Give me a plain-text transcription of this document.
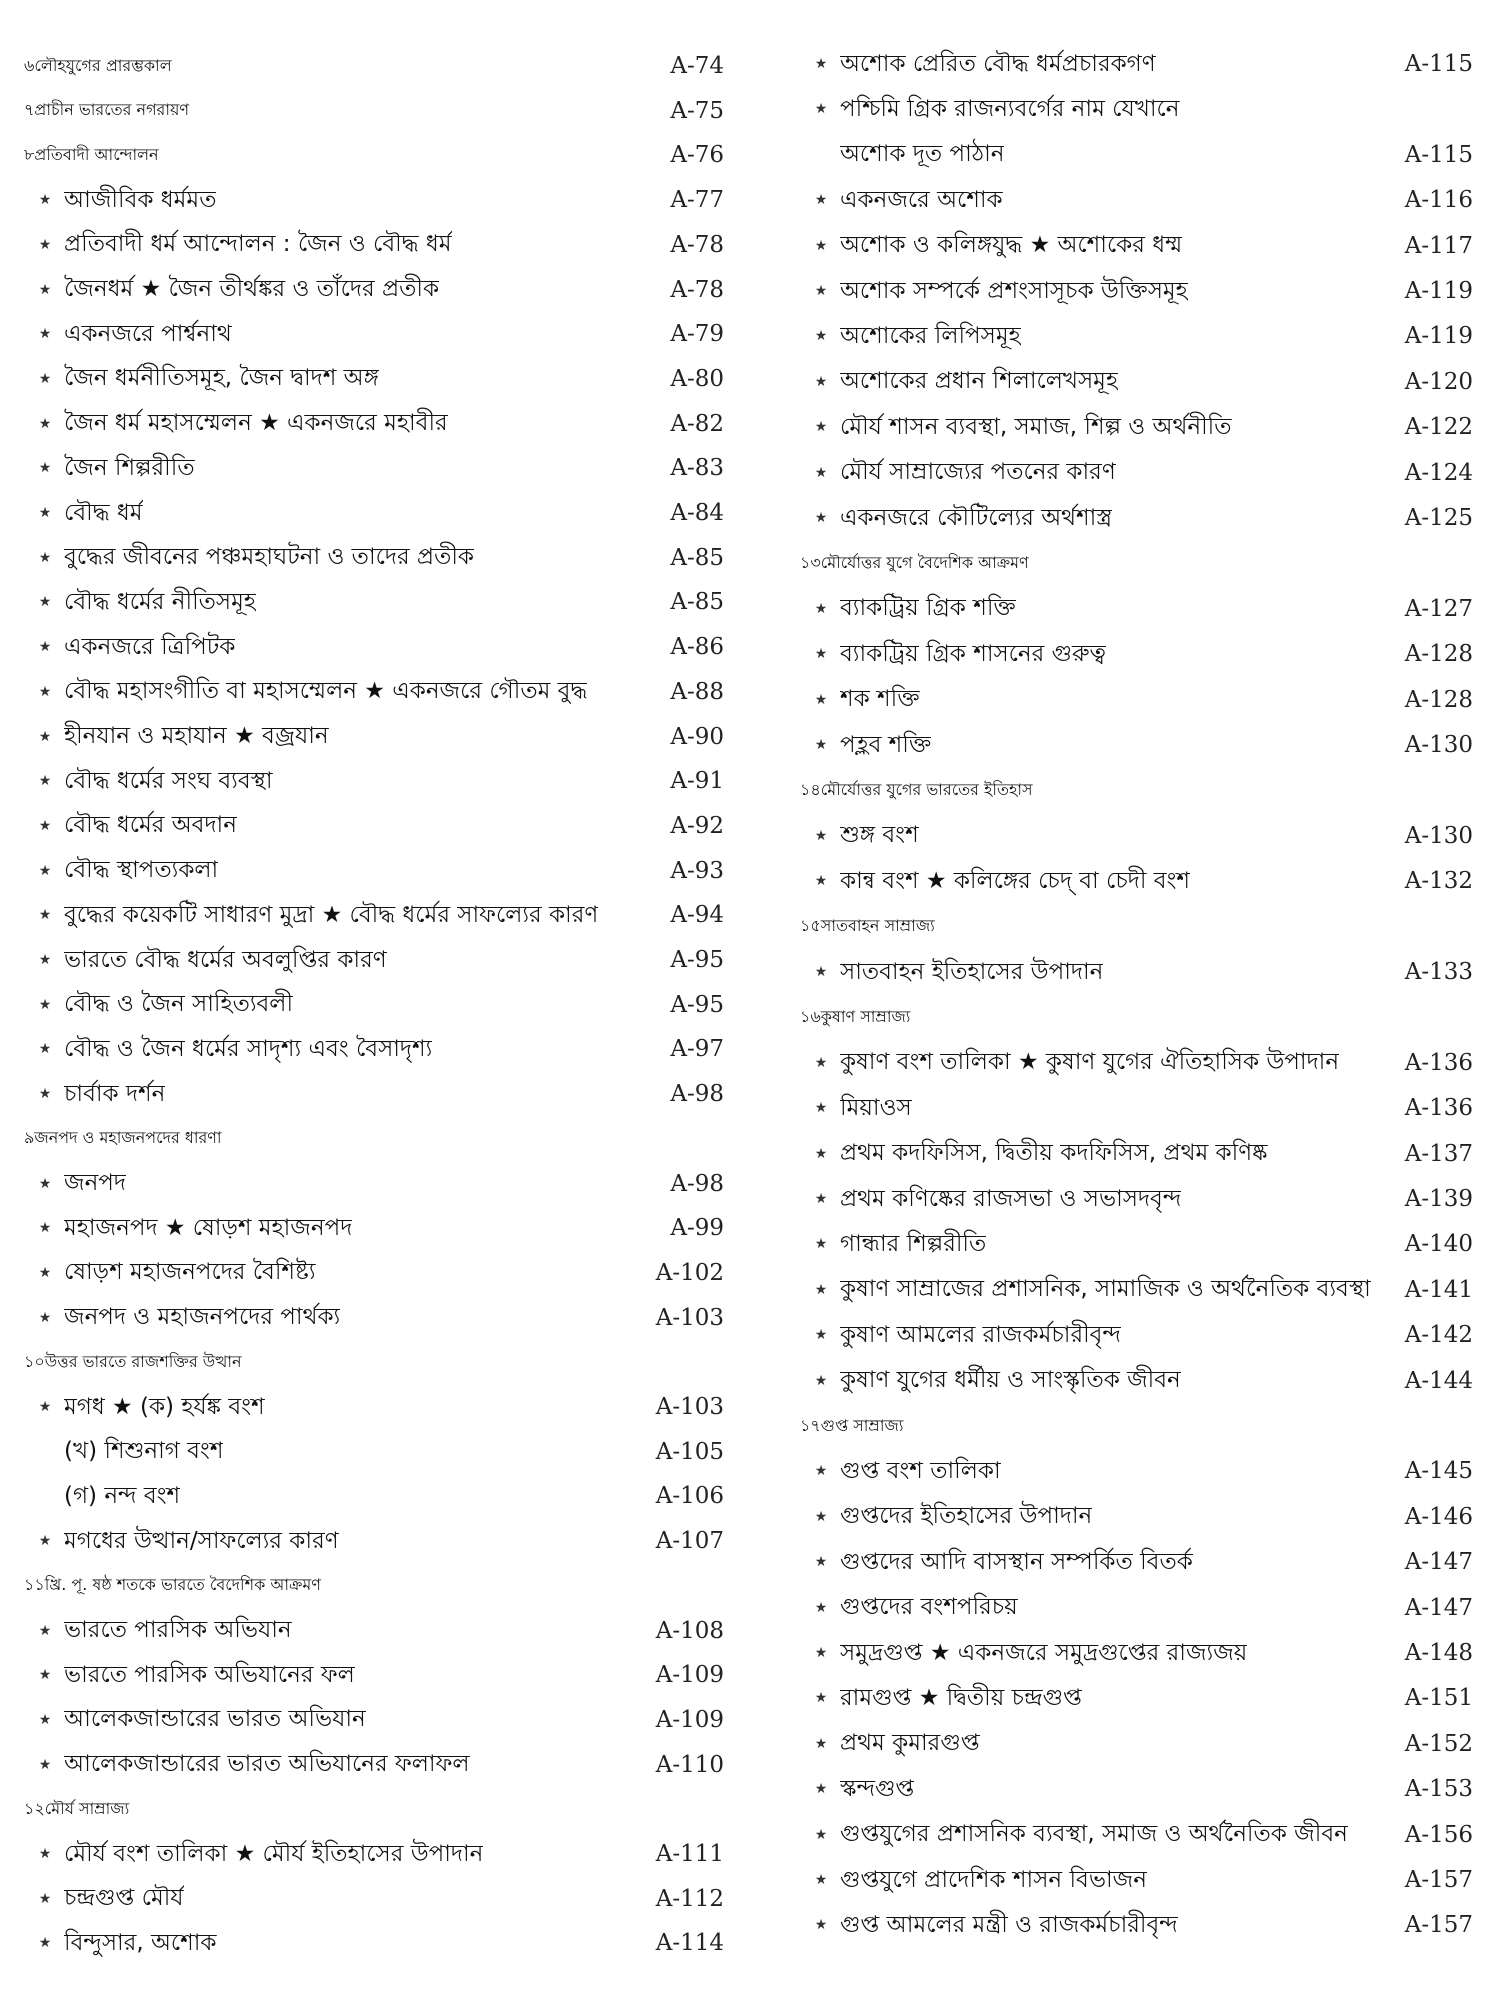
৬ লৌহযুগের প্রারম্ভকাল	A-74
৭ প্রাচীন ভারতের নগরায়ণ	A-75
৮ প্রতিবাদী আন্দোলন	A-76
★ আজীবিক ধর্মমত	A-77
★ প্রতিবাদী ধর্ম আন্দোলন : জৈন ও বৌদ্ধ ধর্ম	A-78
★ জৈনধর্ম ★ জৈন তীর্থঙ্কর ও তাঁদের প্রতীক	A-78
★ একনজরে পার্শ্বনাথ	A-79
★ জৈন ধর্মনীতিসমূহ, জৈন দ্বাদশ অঙ্গ	A-80
★ জৈন ধর্ম মহাসম্মেলন ★ একনজরে মহাবীর	A-82
★ জৈন শিল্পরীতি	A-83
★ বৌদ্ধ ধর্ম	A-84
★ বুদ্ধের জীবনের পঞ্চমহাঘটনা ও তাদের প্রতীক	A-85
★ বৌদ্ধ ধর্মের নীতিসমূহ	A-85
★ একনজরে ত্রিপিটক	A-86
★ বৌদ্ধ মহাসংগীতি বা মহাসম্মেলন ★ একনজরে গৌতম বুদ্ধ	A-88
★ হীনযান ও মহাযান ★ বজ্রযান	A-90
★ বৌদ্ধ ধর্মের সংঘ ব্যবস্থা	A-91
★ বৌদ্ধ ধর্মের অবদান	A-92
★ বৌদ্ধ স্থাপত্যকলা	A-93
★ বুদ্ধের কয়েকটি সাধারণ মুদ্রা ★ বৌদ্ধ ধর্মের সাফল্যের কারণ	A-94
★ ভারতে বৌদ্ধ ধর্মের অবলুপ্তির কারণ	A-95
★ বৌদ্ধ ও জৈন সাহিত্যবলী	A-95
★ বৌদ্ধ ও জৈন ধর্মের সাদৃশ্য এবং বৈসাদৃশ্য	A-97
★ চার্বাক দর্শন	A-98
৯ জনপদ ও মহাজনপদের ধারণা
★ জনপদ	A-98
★ মহাজনপদ ★ ষোড়শ মহাজনপদ	A-99
★ ষোড়শ মহাজনপদের বৈশিষ্ট্য	A-102
★ জনপদ ও মহাজনপদের পার্থক্য	A-103
১০ উত্তর ভারতে রাজশক্তির উত্থান
★ মগধ ★ (ক) হর্যঙ্ক বংশ	A-103
(খ) শিশুনাগ বংশ	A-105
(গ) নন্দ বংশ	A-106
★ মগধের উত্থান/সাফল্যের কারণ	A-107
১১ খ্রি. পূ. ষষ্ঠ শতকে ভারতে বৈদেশিক আক্রমণ
★ ভারতে পারসিক অভিযান	A-108
★ ভারতে পারসিক অভিযানের ফল	A-109
★ আলেকজান্ডারের ভারত অভিযান	A-109
★ আলেকজান্ডারের ভারত অভিযানের ফলাফল	A-110
১২ মৌর্য সাম্রাজ্য
★ মৌর্য বংশ তালিকা ★ মৌর্য ইতিহাসের উপাদান	A-111
★ চন্দ্রগুপ্ত মৌর্য	A-112
★ বিন্দুসার, অশোক	A-114
★ অশোক প্রেরিত বৌদ্ধ ধর্মপ্রচারকগণ	A-115
★ পশ্চিমি গ্রিক রাজন্যবর্গের নাম যেখানে
অশোক দূত পাঠান	A-115
★ একনজরে অশোক	A-116
★ অশোক ও কলিঙ্গযুদ্ধ ★ অশোকের ধম্ম	A-117
★ অশোক সম্পর্কে প্রশংসাসূচক উক্তিসমূহ	A-119
★ অশোকের লিপিসমূহ	A-119
★ অশোকের প্রধান শিলালেখসমূহ	A-120
★ মৌর্য শাসন ব্যবস্থা, সমাজ, শিল্প ও অর্থনীতি	A-122
★ মৌর্য সাম্রাজ্যের পতনের কারণ	A-124
★ একনজরে কৌটিল্যের অর্থশাস্ত্র	A-125
১৩ মৌর্যোত্তর যুগে বৈদেশিক আক্রমণ
★ ব্যাকট্রিয় গ্রিক শক্তি	A-127
★ ব্যাকট্রিয় গ্রিক শাসনের গুরুত্ব	A-128
★ শক শক্তি	A-128
★ পহ্লব শক্তি	A-130
১৪ মৌর্যোত্তর যুগের ভারতের ইতিহাস
★ শুঙ্গ বংশ	A-130
★ কান্ব বংশ ★ কলিঙ্গের চেদ্ বা চেদী বংশ	A-132
১৫ সাতবাহন সাম্রাজ্য
★ সাতবাহন ইতিহাসের উপাদান	A-133
১৬ কুষাণ সাম্রাজ্য
★ কুষাণ বংশ তালিকা ★ কুষাণ যুগের ঐতিহাসিক উপাদান	A-136
★ মিয়াওস	A-136
★ প্রথম কদফিসিস, দ্বিতীয় কদফিসিস, প্রথম কণিষ্ক	A-137
★ প্রথম কণিষ্কের রাজসভা ও সভাসদবৃন্দ	A-139
★ গান্ধার শিল্পরীতি	A-140
★ কুষাণ সাম্রাজের প্রশাসনিক, সামাজিক ও অর্থনৈতিক ব্যবস্থা	A-141
★ কুষাণ আমলের রাজকর্মচারীবৃন্দ	A-142
★ কুষাণ যুগের ধর্মীয় ও সাংস্কৃতিক জীবন	A-144
১৭ গুপ্ত সাম্রাজ্য
★ গুপ্ত বংশ তালিকা	A-145
★ গুপ্তদের ইতিহাসের উপাদান	A-146
★ গুপ্তদের আদি বাসস্থান সম্পর্কিত বিতর্ক	A-147
★ গুপ্তদের বংশপরিচয়	A-147
★ সমুদ্রগুপ্ত ★ একনজরে সমুদ্রগুপ্তের রাজ্যজয়	A-148
★ রামগুপ্ত ★ দ্বিতীয় চন্দ্রগুপ্ত	A-151
★ প্রথম কুমারগুপ্ত	A-152
★ স্কন্দগুপ্ত	A-153
★ গুপ্তযুগের প্রশাসনিক ব্যবস্থা, সমাজ ও অর্থনৈতিক জীবন	A-156
★ গুপ্তযুগে প্রাদেশিক শাসন বিভাজন	A-157
★ গুপ্ত আমলের মন্ত্রী ও রাজকর্মচারীবৃন্দ	A-157
